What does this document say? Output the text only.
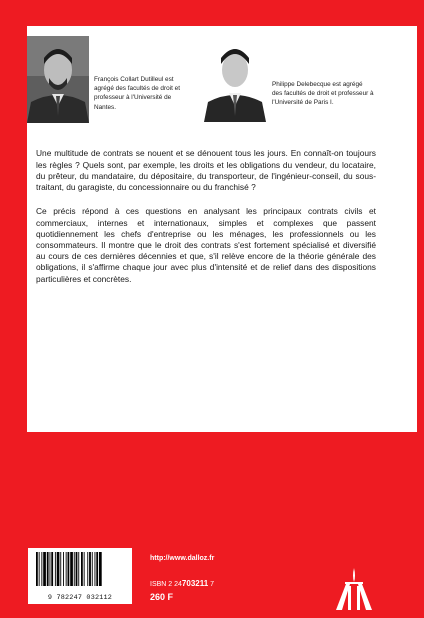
François Collart Dutilleul est agrégé des facultés de droit et professeur à l'Université de Nantes.
Philippe Delebecque est agrégé des facultés de droit et professeur à l'Université de Paris I.

Une multitude de contrats se nouent et se dénouent tous les jours. En connaît-on toujours les règles ? Quels sont, par exemple, les droits et les obligations du vendeur, du locataire, du prêteur, du mandataire, du dépositaire, du transporteur, de l'ingénieur-conseil, du sous-traitant, du garagiste, du concessionnaire ou du franchisé ?

Ce précis répond à ces questions en analysant les principaux contrats civils et commerciaux, internes et internationaux, simples et complexes que passent quotidiennement les chefs d'entreprise ou les ménages, les professionnels ou les consommateurs. Il montre que le droit des contrats s'est fortement spécialisé et diversifié au cours de ces dernières décennies et que, s'il relève encore de la théorie générale des obligations, il s'affirme chaque jour avec plus d'intensité et de relief dans des dispositions particulières et concrètes.

9 782247 032112
http://www.dalloz.fr
ISBN 2 24703211 7
260 F
